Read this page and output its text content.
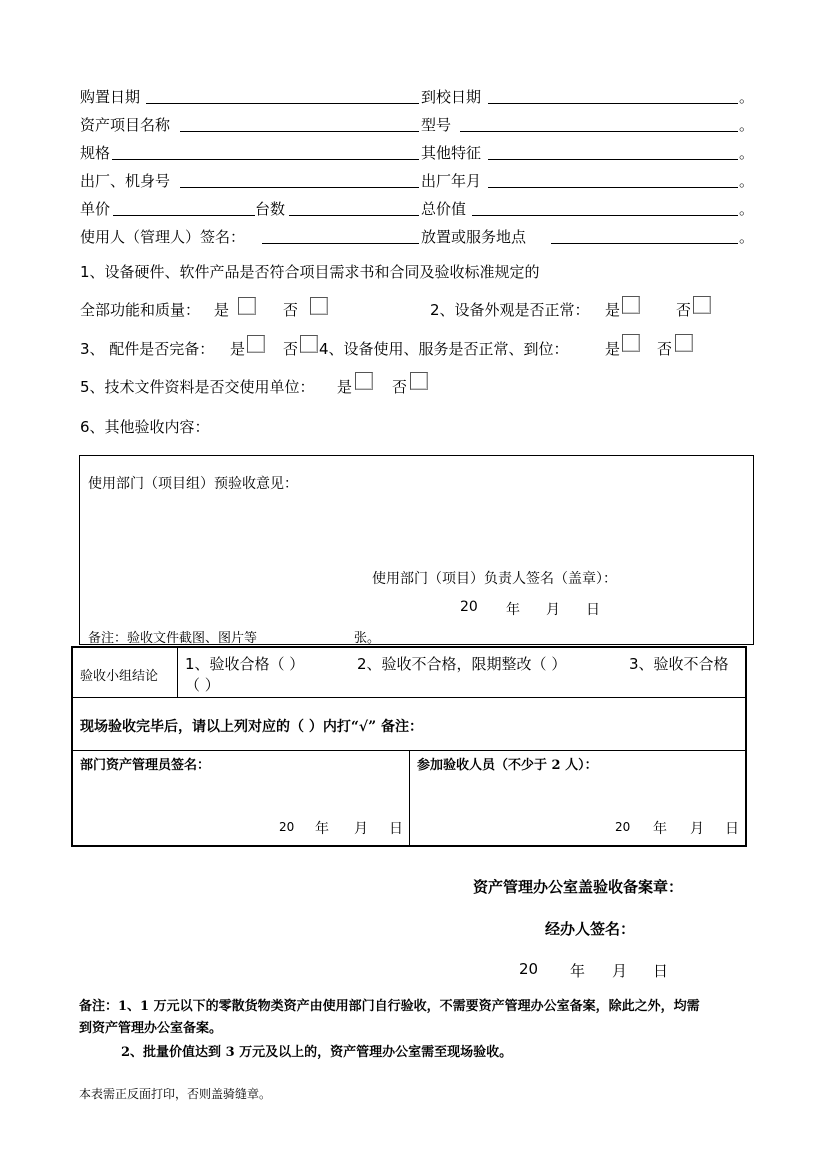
购置日期	到校日期	。
资产项目名称	型号	。
规格	其他特征	。
出厂、机身号	出厂年月	。
单价	台数	总价值	。
使用人（管理人）签名：	放置或服务地点	。
1、设备硬件、软件产品是否符合项目需求书和合同及验收标准规定的
全部功能和质量： 是	否	2、设备外观是否正常： 是	否
3、 配件是否完备： 是	否 4、设备使用、服务是否正常、到位： 是 否
5、技术文件资料是否交使用单位： 是	否
6、其他验收内容：
使用部门（项目组）预验收意见：
使用部门（项目）负责人签名（盖章）：
20 年 月 日
备注：验收文件截图、图片等	张。
验收小组结论
1、验收合格（ ）	2、验收不合格，限期整改（ ）	3、验收不合格
（ ）
现场验收完毕后，请以上列对应的（ ）内打“√” 备注：
部门资产管理员签名：
20 年 月 日
参加验收人员（不少于 2 人）：
20 年 月 日
资产管理办公室盖验收备案章：
经办人签名：
20 年 月 日
备注：1、1 万元以下的零散货物类资产由使用部门自行验收，不需要资产管理办公室备案，除此之外，均需
到资产管理办公室备案。
2、批量价值达到 3 万元及以上的，资产管理办公室需至现场验收。
本表需正反面打印，否则盖骑缝章。
